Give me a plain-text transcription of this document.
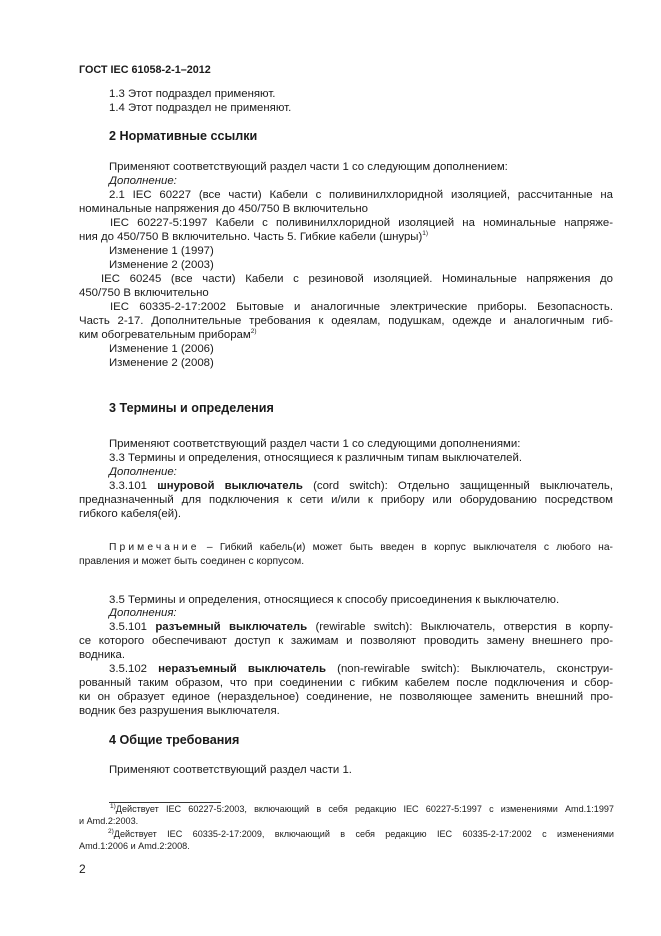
ГОСТ IEC 61058-2-1–2012
1.3 Этот подраздел применяют.
1.4 Этот подраздел не применяют.
2 Нормативные ссылки
Применяют соответствующий раздел части 1 со следующим дополнением:
Дополнение:
2.1 IEC 60227 (все части) Кабели с поливинилхлоридной изоляцией, рассчитанные на
номинальные напряжения до 450/750 В включительно
IEC 60227-5:1997 Кабели с поливинилхлоридной изоляцией на номинальные напряже-
ния до 450/750 В включительно. Часть 5. Гибкие кабели (шнуры)$^{1)}$
Изменение 1 (1997)
Изменение 2 (2003)
IEC 60245 (все части) Кабели с резиновой изоляцией. Номинальные напряжения до
450/750 В включительно
IEC 60335-2-17:2002 Бытовые и аналогичные электрические приборы. Безопасность.
Часть 2-17. Дополнительные требования к одеялам, подушкам, одежде и аналогичным гиб-
ким обогревательным приборам$^{2)}$
Изменение 1 (2006)
Изменение 2 (2008)
3 Термины и определения
Применяют соответствующий раздел части 1 со следующими дополнениями:
3.3 Термины и определения, относящиеся к различным типам выключателей.
Дополнение:
3.3.101 шнуровой выключатель (cord switch): Отдельно защищенный выключатель,
предназначенный для подключения к сети и/или к прибору или оборудованию посредством
гибкого кабеля(ей).
Примечание – Гибкий кабель(и) может быть введен в корпус выключателя с любого на-
правления и может быть соединен с корпусом.
3.5 Термины и определения, относящиеся к способу присоединения к выключателю.
Дополнения:
3.5.101 разъемный выключатель (rewirable switch): Выключатель, отверстия в корпу-
се которого обеспечивают доступ к зажимам и позволяют проводить замену внешнего про-
водника.
3.5.102 неразъемный выключатель (non-rewirable switch): Выключатель, сконструи-
рованный таким образом, что при соединении с гибким кабелем после подключения и сбор-
ки он образует единое (нераздельное) соединение, не позволяющее заменить внешний про-
водник без разрушения выключателя.
4 Общие требования
Применяют соответствующий раздел части 1.
$^{1)}$Действует IEC 60227-5:2003, включающий в себя редакцию IEC 60227-5:1997 с изменениями Amd.1:1997
и Amd.2:2003.
$^{2)}$Действует IEC 60335-2-17:2009, включающий в себя редакцию IEC 60335-2-17:2002 с изменениями
Amd.1:2006 и Amd.2:2008.
2
